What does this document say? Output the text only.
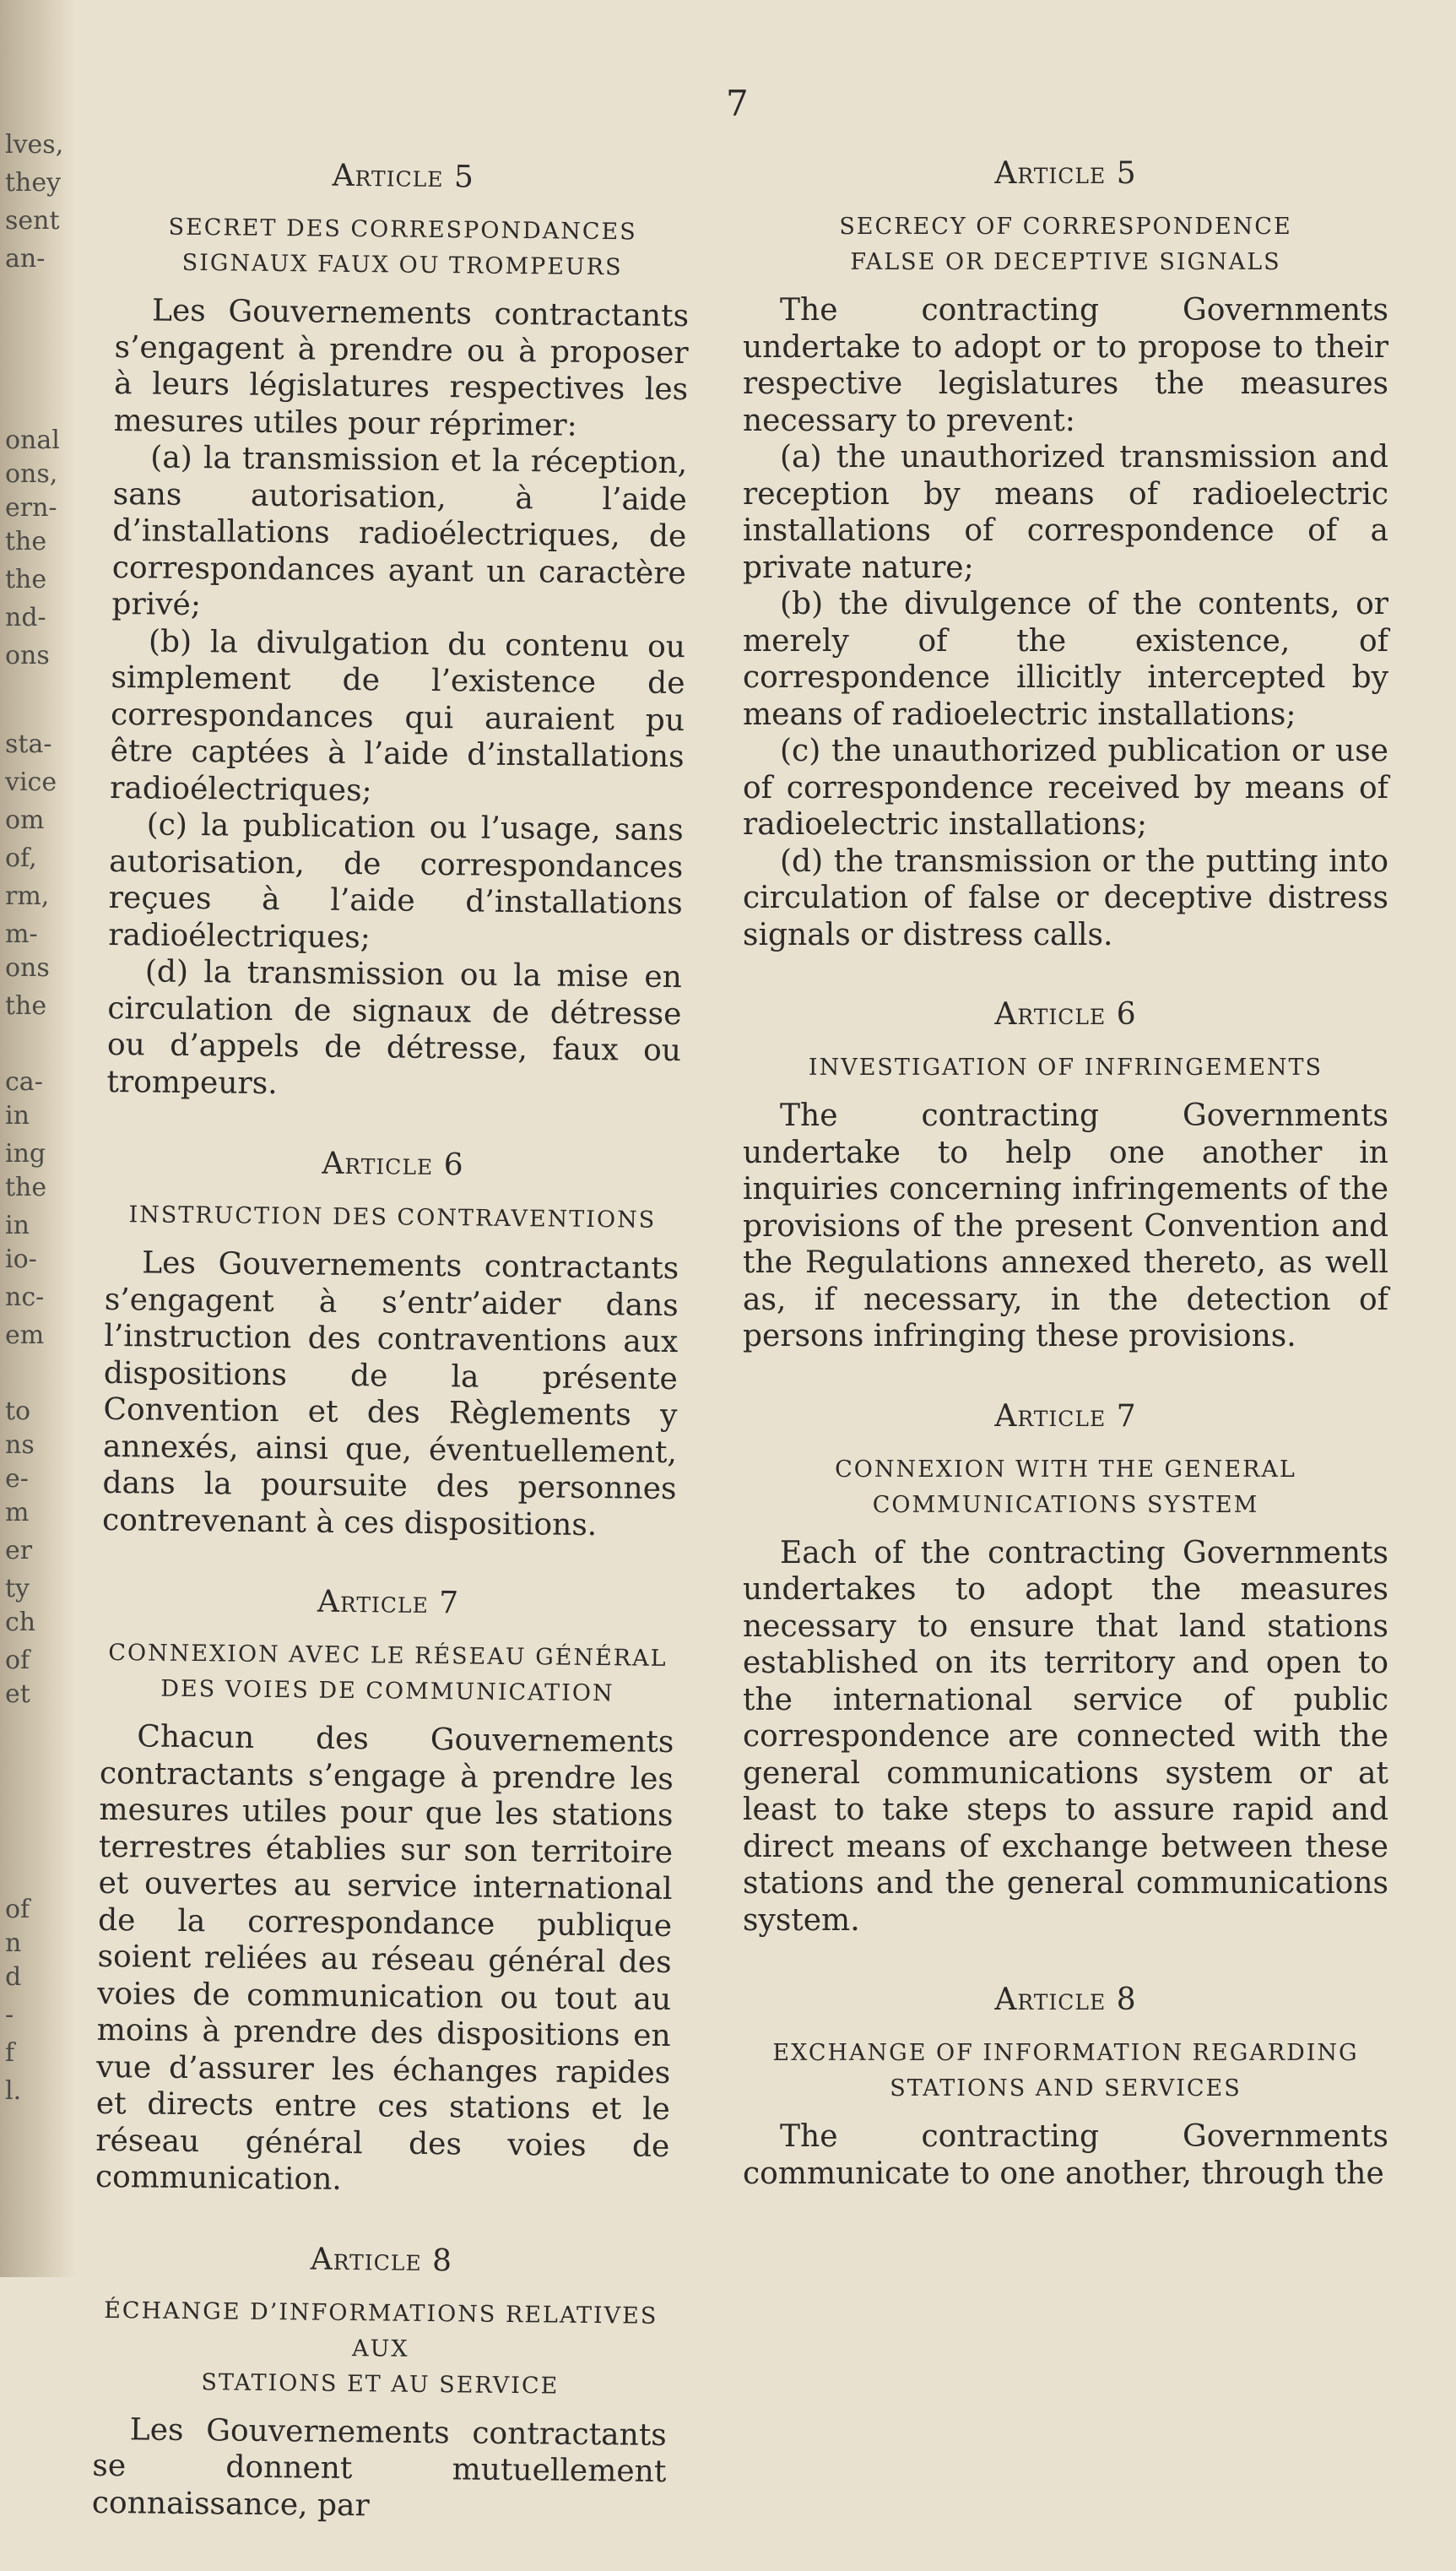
lves,
they
sent
an-
onal
ons,
ern-
the
the
nd-
ons
sta-
vice
om
of,
rm,
m-
ons
the
ca-
in
ing
the
in
io-
nc-
em
to
ns
e-
m
er
ty
ch
of
et
of
n
d
-
f
l.
7
Article 5
SECRET DES CORRESPONDANCES
SIGNAUX FAUX OU TROMPEURS

Les Gouvernements contractants s’engagent à prendre ou à proposer à leurs législatures respectives les mesures utiles pour réprimer:

(a) la transmission et la réception, sans autorisation, à l’aide d’installations radioélectriques, de correspondances ayant un caractère privé;

(b) la divulgation du contenu ou simplement de l’existence de correspondances qui auraient pu être captées à l’aide d’installations radioélectriques;

(c) la publication ou l’usage, sans autorisation, de correspondances reçues à l’aide d’installations radioélectriques;

(d) la transmission ou la mise en circulation de signaux de détresse ou d’appels de détresse, faux ou trompeurs.

Article 6
INSTRUCTION DES CONTRAVENTIONS

Les Gouvernements contractants s’engagent à s’entr’aider dans l’instruction des contraventions aux dispositions de la présente Convention et des Règlements y annexés, ainsi que, éventuellement, dans la poursuite des personnes contrevenant à ces dispositions.

Article 7
CONNEXION AVEC LE RÉSEAU GÉNÉRAL
DES VOIES DE COMMUNICATION

Chacun des Gouvernements contractants s’engage à prendre les mesures utiles pour que les stations terrestres établies sur son territoire et ouvertes au service international de la correspondance publique soient reliées au réseau général des voies de communication ou tout au moins à prendre des dispositions en vue d’assurer les échanges rapides et directs entre ces stations et le réseau général des voies de communication.

Article 8
ÉCHANGE D’INFORMATIONS RELATIVES AUX
STATIONS ET AU SERVICE

Les Gouvernements contractants se donnent mutuellement connaissance, par

Article 5
SECRECY OF CORRESPONDENCE
FALSE OR DECEPTIVE SIGNALS

The contracting Governments undertake to adopt or to propose to their respective legislatures the measures necessary to prevent:

(a) the unauthorized transmission and reception by means of radioelectric installations of correspondence of a private nature;

(b) the divulgence of the contents, or merely of the existence, of correspondence illicitly intercepted by means of radioelectric installations;

(c) the unauthorized publication or use of correspondence received by means of radioelectric installations;

(d) the transmission or the putting into circulation of false or deceptive distress signals or distress calls.

Article 6
INVESTIGATION OF INFRINGEMENTS

The contracting Governments undertake to help one another in inquiries concerning infringements of the provisions of the present Convention and the Regulations annexed thereto, as well as, if necessary, in the detection of persons infringing these provisions.

Article 7
CONNEXION WITH THE GENERAL
COMMUNICATIONS SYSTEM

Each of the contracting Governments undertakes to adopt the measures necessary to ensure that land stations established on its territory and open to the international service of public correspondence are connected with the general communications system or at least to take steps to assure rapid and direct means of exchange between these stations and the general communications system.

Article 8
EXCHANGE OF INFORMATION REGARDING
STATIONS AND SERVICES

The contracting Governments communicate to one another, through the
